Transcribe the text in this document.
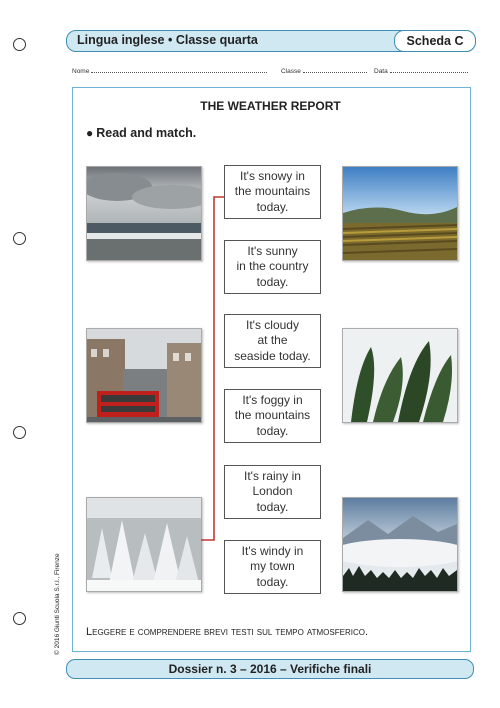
Lingua inglese • Classe quarta	Scheda C
Nome	Classe	Data
THE WEATHER REPORT
● Read and match.
It's snowy in
the mountains
today.
It's sunny
in the country
today.
It's cloudy
at the
seaside today.
It's foggy in
the mountains
today.
It's rainy in
London
today.
It's windy in
my town
today.
Leggere e comprendere brevi testi sul tempo atmosferico.
© 2016 Giunti Scuola S.r.l., Firenze
Dossier n. 3 – 2016 – Verifiche finali
